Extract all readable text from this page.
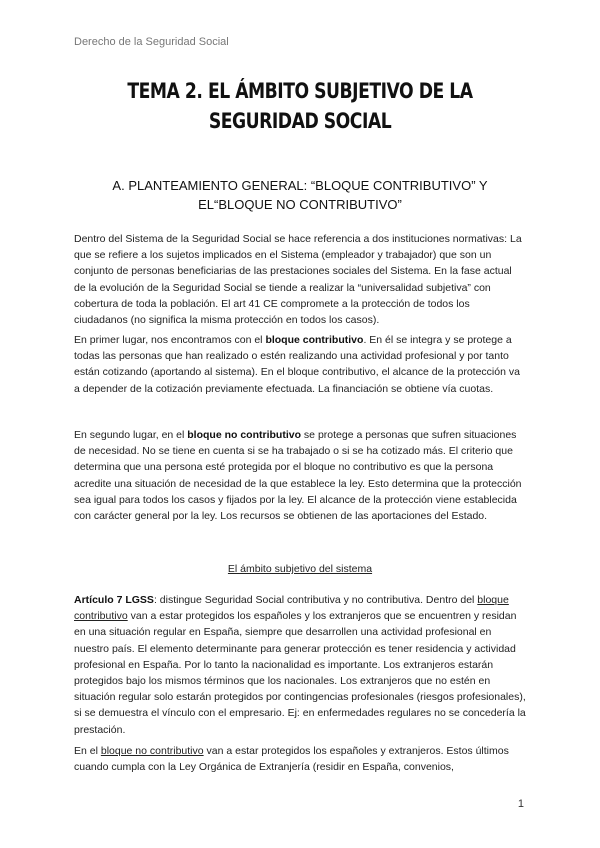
Derecho de la Seguridad Social
TEMA 2. EL ÁMBITO SUBJETIVO DE LA
SEGURIDAD SOCIAL
A. PLANTEAMIENTO GENERAL: “BLOQUE CONTRIBUTIVO” Y
EL“BLOQUE NO CONTRIBUTIVO”
Dentro del Sistema de la Seguridad Social se hace referencia a dos instituciones normativas: La que se refiere a los sujetos implicados en el Sistema (empleador y trabajador) que son un conjunto de personas beneficiarias de las prestaciones sociales del Sistema. En la fase actual de la evolución de la Seguridad Social se tiende a realizar la “universalidad subjetiva” con cobertura de toda la población. El art 41 CE compromete a la protección de todos los ciudadanos (no significa la misma protección en todos los casos).
En primer lugar, nos encontramos con el bloque contributivo. En él se integra y se protege a todas las personas que han realizado o estén realizando una actividad profesional y por tanto están cotizando (aportando al sistema). En el bloque contributivo, el alcance de la protección va a depender de la cotización previamente efectuada. La financiación se obtiene vía cuotas.
En segundo lugar, en el bloque no contributivo se protege a personas que sufren situaciones de necesidad. No se tiene en cuenta si se ha trabajado o si se ha cotizado más. El criterio que determina que una persona esté protegida por el bloque no contributivo es que la persona acredite una situación de necesidad de la que establece la ley. Esto determina que la protección sea igual para todos los casos y fijados por la ley. El alcance de la protección viene establecida con carácter general por la ley. Los recursos se obtienen de las aportaciones del Estado.
El ámbito subjetivo del sistema
Artículo 7 LGSS: distingue Seguridad Social contributiva y no contributiva. Dentro del bloque contributivo van a estar protegidos los españoles y los extranjeros que se encuentren y residan en una situación regular en España, siempre que desarrollen una actividad profesional en nuestro país. El elemento determinante para generar protección es tener residencia y actividad profesional en España. Por lo tanto la nacionalidad es importante. Los extranjeros estarán protegidos bajo los mismos términos que los nacionales. Los extranjeros que no estén en situación regular solo estarán protegidos por contingencias profesionales (riesgos profesionales), si se demuestra el vínculo con el empresario. Ej: en enfermedades regulares no se concedería la prestación.
En el bloque no contributivo van a estar protegidos los españoles y extranjeros. Estos últimos cuando cumpla con la Ley Orgánica de Extranjería (residir en España, convenios,
1
